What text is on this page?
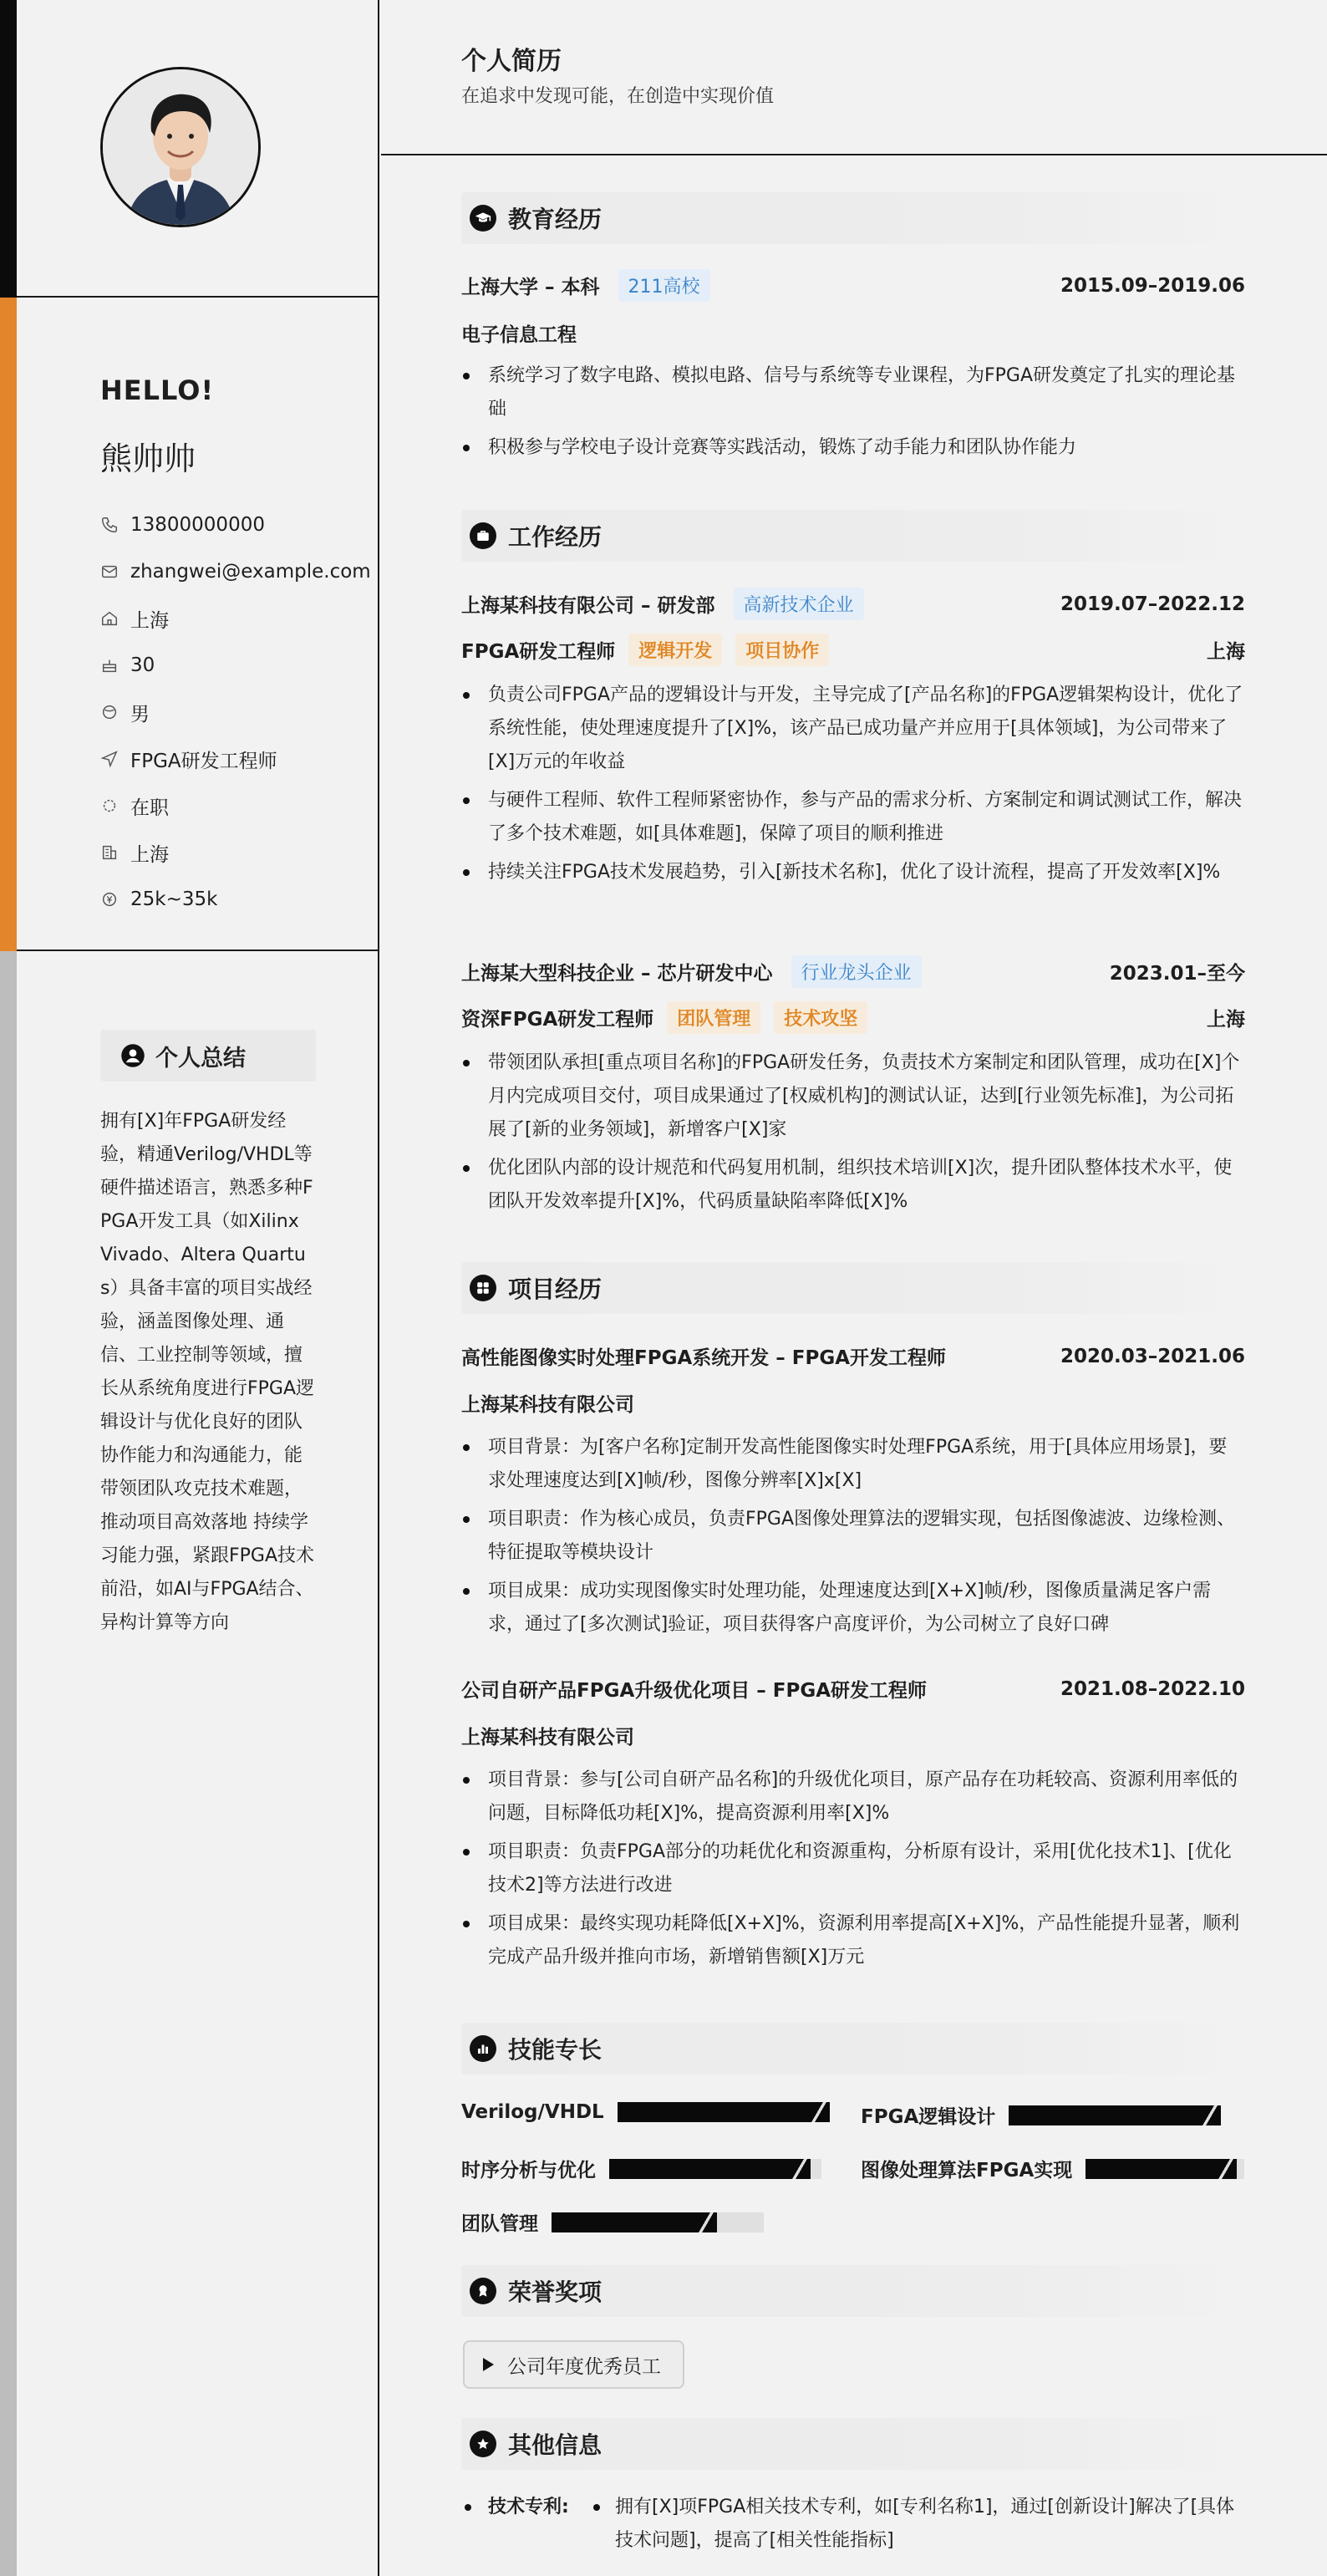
HELLO!
熊帅帅
13800000000
zhangwei@example.com
上海
30
男
FPGA研发工程师
在职
上海
25k~35k
个人总结
拥有[X]年FPGA研发经验，精通Verilog/VHDL等硬件描述语言，熟悉多种FPGA开发工具（如Xilinx Vivado、Altera Quartus）具备丰富的项目实战经验，涵盖图像处理、通信、工业控制等领域，擅长从系统角度进行FPGA逻辑设计与优化良好的团队协作能力和沟通能力，能带领团队攻克技术难题，推动项目高效落地 持续学习能力强，紧跟FPGA技术前沿，如AI与FPGA结合、异构计算等方向
个人简历
在追求中发现可能，在创造中实现价值
教育经历
上海大学 – 本科	211高校	2015.09–2019.06
电子信息工程
系统学习了数字电路、模拟电路、信号与系统等专业课程，为FPGA研发奠定了扎实的理论基础
积极参与学校电子设计竞赛等实践活动，锻炼了动手能力和团队协作能力
工作经历
上海某科技有限公司 – 研发部	高新技术企业	2019.07–2022.12
FPGA研发工程师	逻辑开发	项目协作	上海
负责公司FPGA产品的逻辑设计与开发，主导完成了[产品名称]的FPGA逻辑架构设计，优化了系统性能，使处理速度提升了[X]%，该产品已成功量产并应用于[具体领域]，为公司带来了[X]万元的年收益
与硬件工程师、软件工程师紧密协作，参与产品的需求分析、方案制定和调试测试工作，解决了多个技术难题，如[具体难题]，保障了项目的顺利推进
持续关注FPGA技术发展趋势，引入[新技术名称]，优化了设计流程，提高了开发效率[X]%
上海某大型科技企业 – 芯片研发中心	行业龙头企业	2023.01–至今
资深FPGA研发工程师	团队管理	技术攻坚	上海
带领团队承担[重点项目名称]的FPGA研发任务，负责技术方案制定和团队管理，成功在[X]个月内完成项目交付，项目成果通过了[权威机构]的测试认证，达到[行业领先标准]，为公司拓展了[新的业务领域]，新增客户[X]家
优化团队内部的设计规范和代码复用机制，组织技术培训[X]次，提升团队整体技术水平，使团队开发效率提升[X]%，代码质量缺陷率降低[X]%
项目经历
高性能图像实时处理FPGA系统开发 – FPGA开发工程师	2020.03–2021.06
上海某科技有限公司
项目背景：为[客户名称]定制开发高性能图像实时处理FPGA系统，用于[具体应用场景]，要求处理速度达到[X]帧/秒，图像分辨率[X]x[X]
项目职责：作为核心成员，负责FPGA图像处理算法的逻辑实现，包括图像滤波、边缘检测、特征提取等模块设计
项目成果：成功实现图像实时处理功能，处理速度达到[X+X]帧/秒，图像质量满足客户需求，通过了[多次测试]验证，项目获得客户高度评价，为公司树立了良好口碑
公司自研产品FPGA升级优化项目 – FPGA研发工程师	2021.08–2022.10
上海某科技有限公司
项目背景：参与[公司自研产品名称]的升级优化项目，原产品存在功耗较高、资源利用率低的问题，目标降低功耗[X]%，提高资源利用率[X]%
项目职责：负责FPGA部分的功耗优化和资源重构，分析原有设计，采用[优化技术1]、[优化技术2]等方法进行改进
项目成果：最终实现功耗降低[X+X]%，资源利用率提高[X+X]%，产品性能提升显著，顺利完成产品升级并推向市场，新增销售额[X]万元
技能专长
Verilog/VHDL	FPGA逻辑设计
时序分析与优化	图像处理算法FPGA实现
团队管理
荣誉奖项
公司年度优秀员工
其他信息
技术专利:	拥有[X]项FPGA相关技术专利，如[专利名称1]，通过[创新设计]解决了[具体技术问题]，提高了[相关性能指标]
